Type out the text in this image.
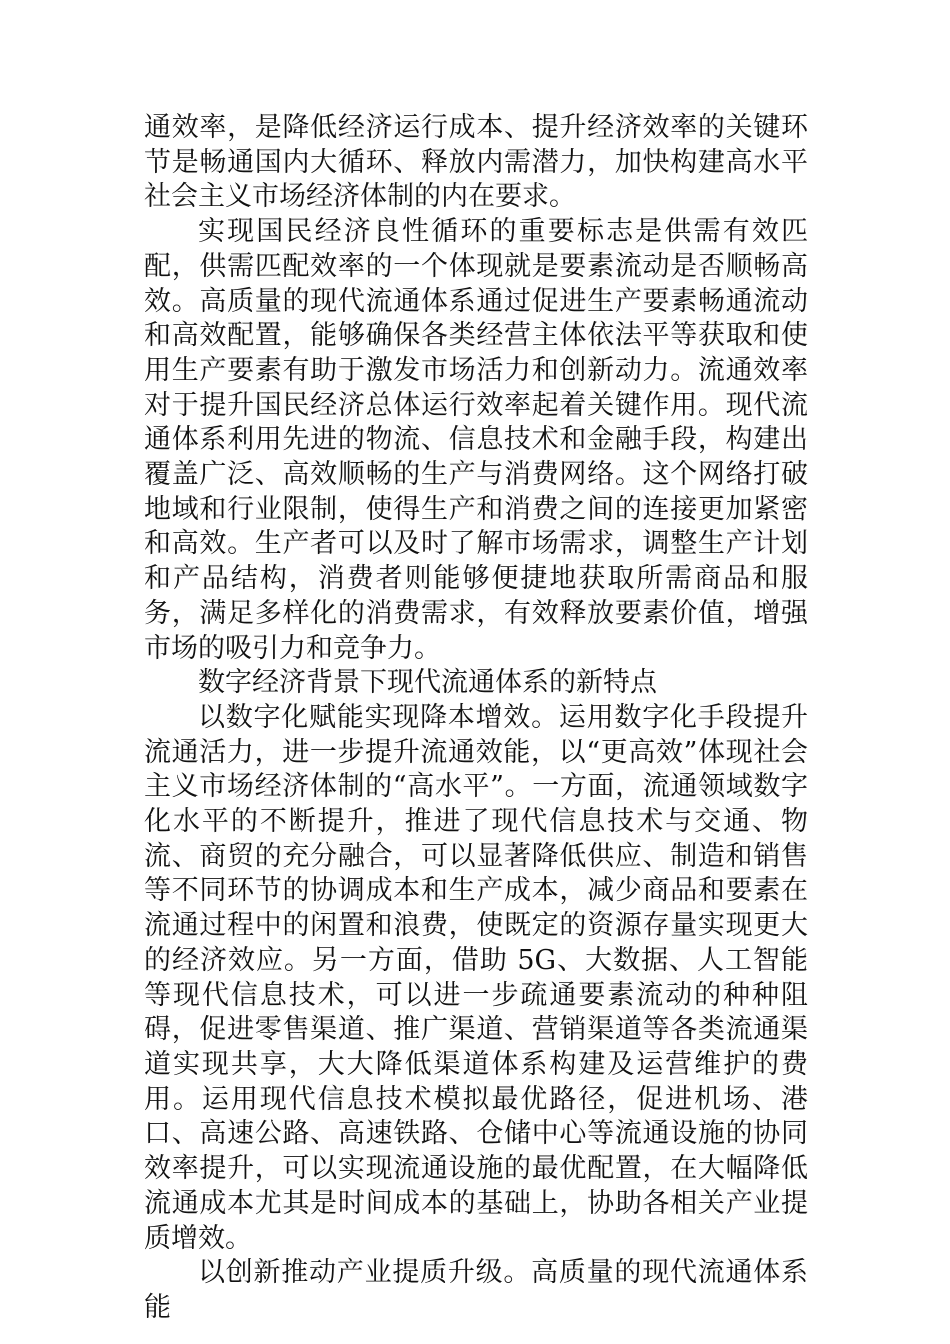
通效率，是降低经济运行成本、提升经济效率的关键环节是畅通国内大循环、释放内需潜力，加快构建高水平社会主义市场经济体制的内在要求。

实现国民经济良性循环的重要标志是供需有效匹配，供需匹配效率的一个体现就是要素流动是否顺畅高效。高质量的现代流通体系通过促进生产要素畅通流动和高效配置，能够确保各类经营主体依法平等获取和使用生产要素有助于激发市场活力和创新动力。流通效率对于提升国民经济总体运行效率起着关键作用。现代流通体系利用先进的物流、信息技术和金融手段，构建出覆盖广泛、高效顺畅的生产与消费网络。这个网络打破地域和行业限制，使得生产和消费之间的连接更加紧密和高效。生产者可以及时了解市场需求，调整生产计划和产品结构，消费者则能够便捷地获取所需商品和服务，满足多样化的消费需求，有效释放要素价值，增强市场的吸引力和竞争力。

数字经济背景下现代流通体系的新特点

以数字化赋能实现降本增效。运用数字化手段提升流通活力，进一步提升流通效能，以“更高效”体现社会主义市场经济体制的“高水平”。一方面，流通领域数字化水平的不断提升，推进了现代信息技术与交通、物流、商贸的充分融合，可以显著降低供应、制造和销售等不同环节的协调成本和生产成本，减少商品和要素在流通过程中的闲置和浪费，使既定的资源存量实现更大的经济效应。另一方面，借助 5G、大数据、人工智能等现代信息技术，可以进一步疏通要素流动的种种阻碍，促进零售渠道、推广渠道、营销渠道等各类流通渠道实现共享，大大降低渠道体系构建及运营维护的费用。运用现代信息技术模拟最优路径，促进机场、港口、高速公路、高速铁路、仓储中心等流通设施的协同效率提升，可以实现流通设施的最优配置，在大幅降低流通成本尤其是时间成本的基础上，协助各相关产业提质增效。

以创新推动产业提质升级。高质量的现代流通体系能
